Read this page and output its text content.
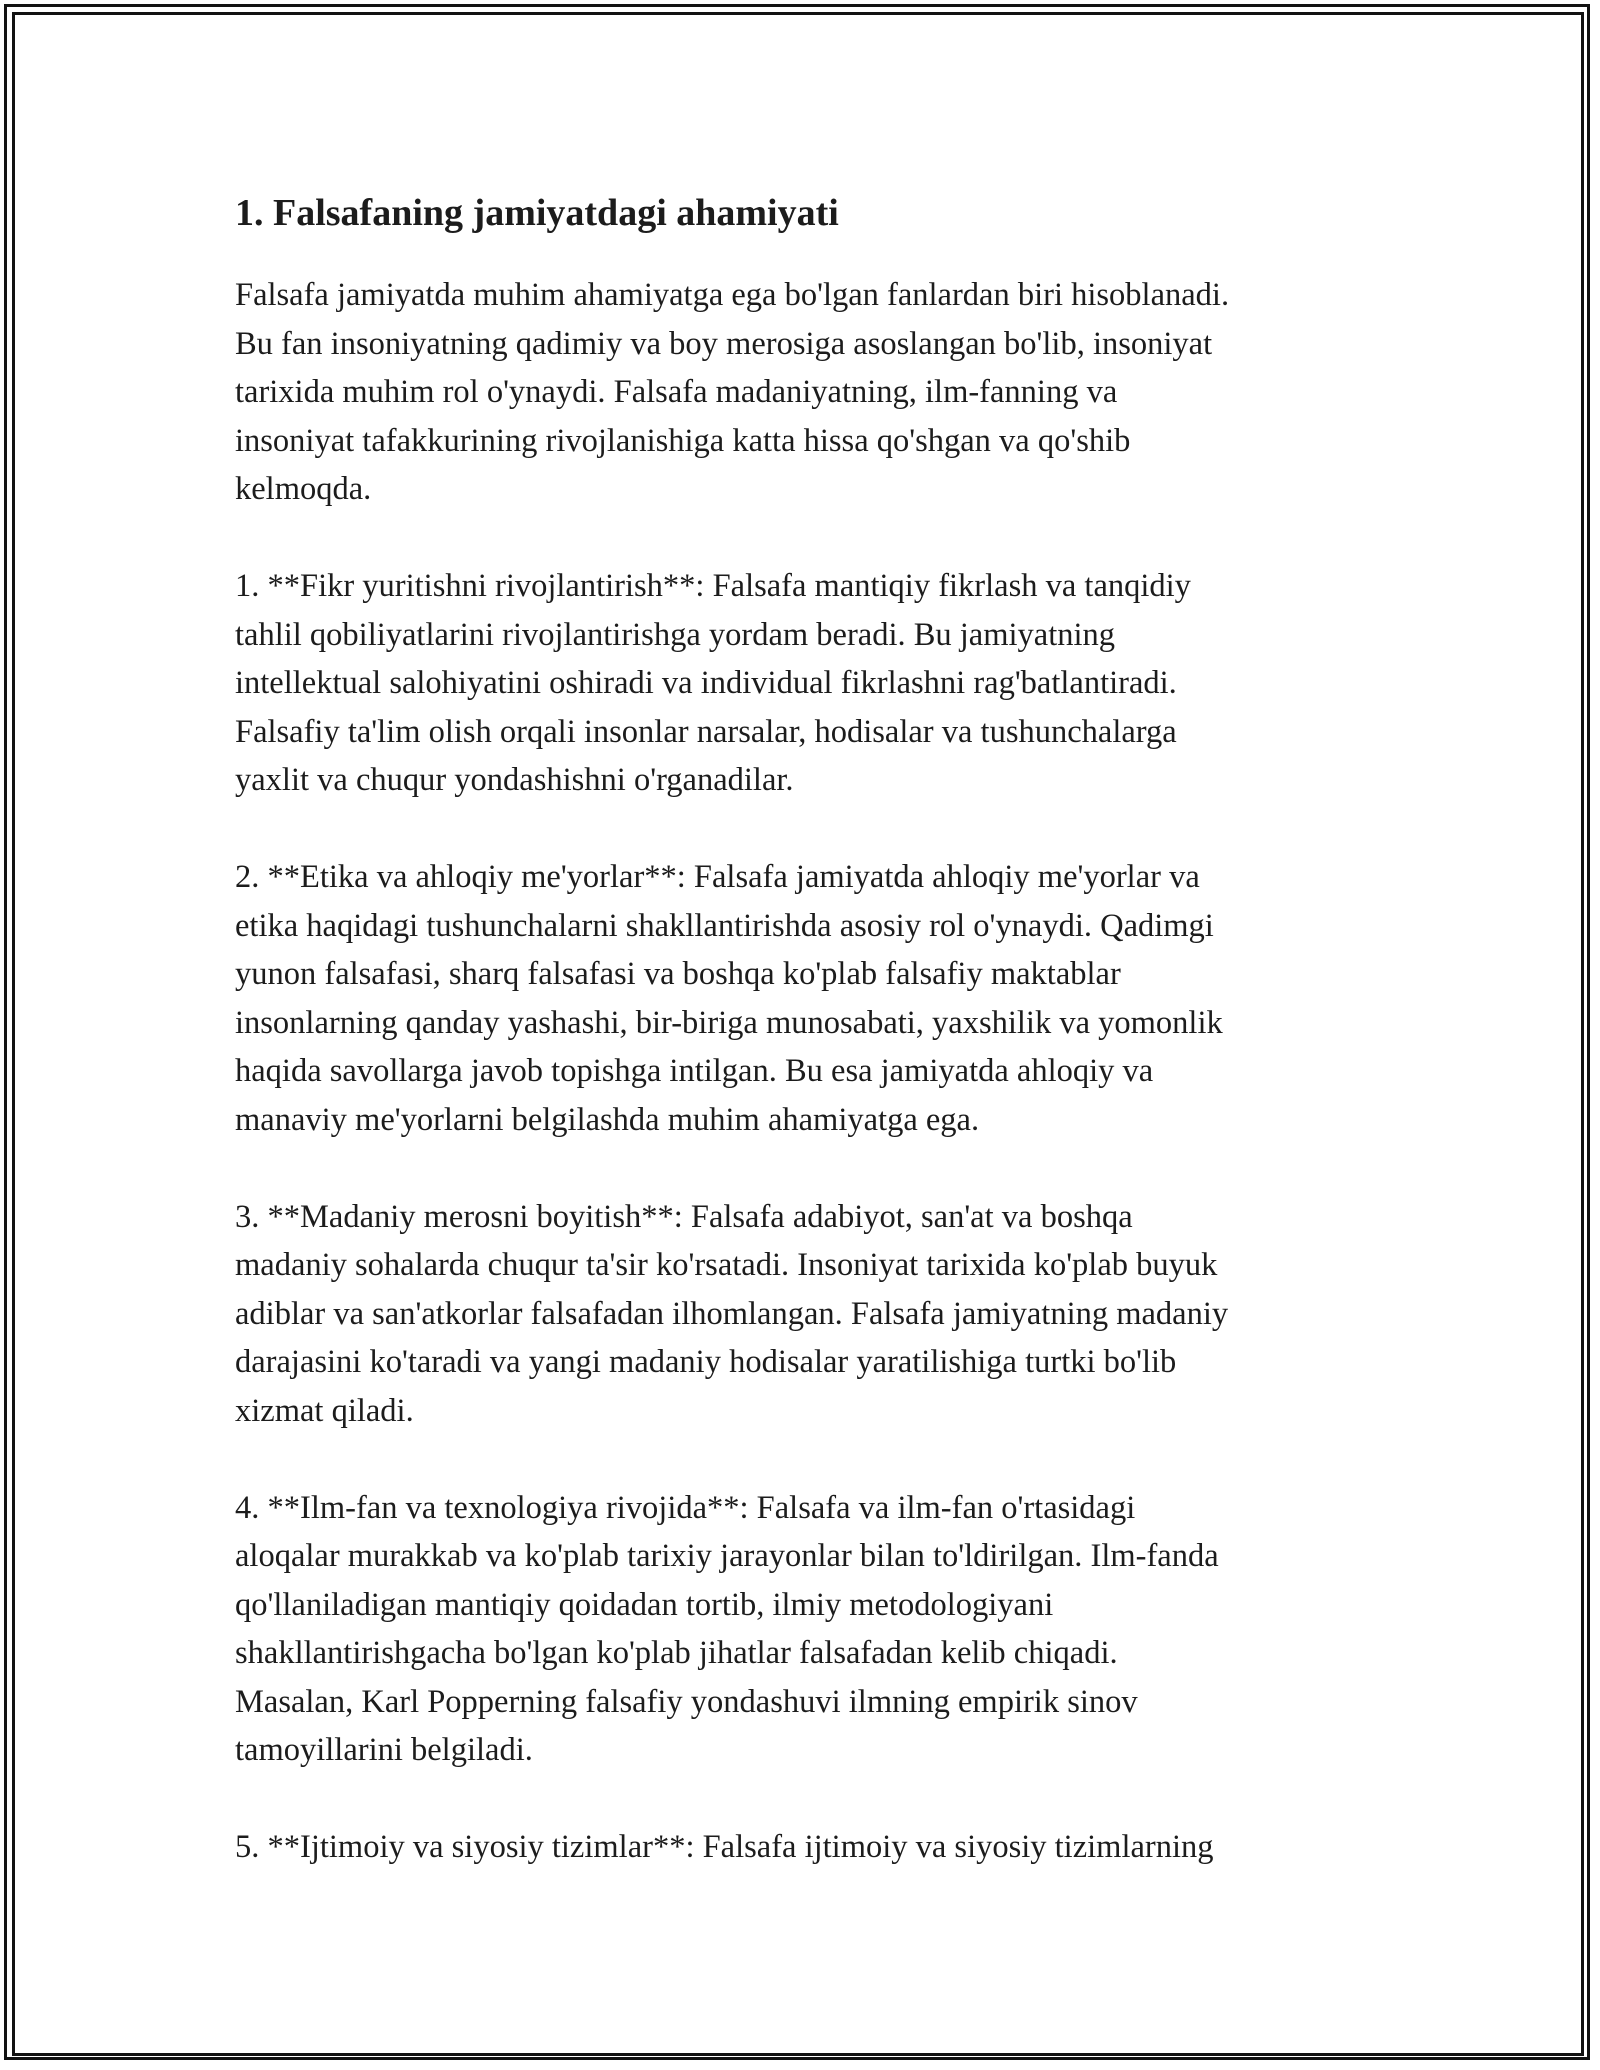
1. Falsafaning jamiyatdagi ahamiyati

Falsafa jamiyatda muhim ahamiyatga ega bo'lgan fanlardan biri hisoblanadi.
Bu fan insoniyatning qadimiy va boy merosiga asoslangan bo'lib, insoniyat
tarixida muhim rol o'ynaydi. Falsafa madaniyatning, ilm-fanning va
insoniyat tafakkurining rivojlanishiga katta hissa qo'shgan va qo'shib
kelmoqda.

1. **Fikr yuritishni rivojlantirish**: Falsafa mantiqiy fikrlash va tanqidiy
tahlil qobiliyatlarini rivojlantirishga yordam beradi. Bu jamiyatning
intellektual salohiyatini oshiradi va individual fikrlashni rag'batlantiradi.
Falsafiy ta'lim olish orqali insonlar narsalar, hodisalar va tushunchalarga
yaxlit va chuqur yondashishni o'rganadilar.

2. **Etika va ahloqiy me'yorlar**: Falsafa jamiyatda ahloqiy me'yorlar va
etika haqidagi tushunchalarni shakllantirishda asosiy rol o'ynaydi. Qadimgi
yunon falsafasi, sharq falsafasi va boshqa ko'plab falsafiy maktablar
insonlarning qanday yashashi, bir-biriga munosabati, yaxshilik va yomonlik
haqida savollarga javob topishga intilgan. Bu esa jamiyatda ahloqiy va
manaviy me'yorlarni belgilashda muhim ahamiyatga ega.

3. **Madaniy merosni boyitish**: Falsafa adabiyot, san'at va boshqa
madaniy sohalarda chuqur ta'sir ko'rsatadi. Insoniyat tarixida ko'plab buyuk
adiblar va san'atkorlar falsafadan ilhomlangan. Falsafa jamiyatning madaniy
darajasini ko'taradi va yangi madaniy hodisalar yaratilishiga turtki bo'lib
xizmat qiladi.

4. **Ilm-fan va texnologiya rivojida**: Falsafa va ilm-fan o'rtasidagi
aloqalar murakkab va ko'plab tarixiy jarayonlar bilan to'ldirilgan. Ilm-fanda
qo'llaniladigan mantiqiy qoidadan tortib, ilmiy metodologiyani
shakllantirishgacha bo'lgan ko'plab jihatlar falsafadan kelib chiqadi.
Masalan, Karl Popperning falsafiy yondashuvi ilmning empirik sinov
tamoyillarini belgiladi.

5. **Ijtimoiy va siyosiy tizimlar**: Falsafa ijtimoiy va siyosiy tizimlarning
